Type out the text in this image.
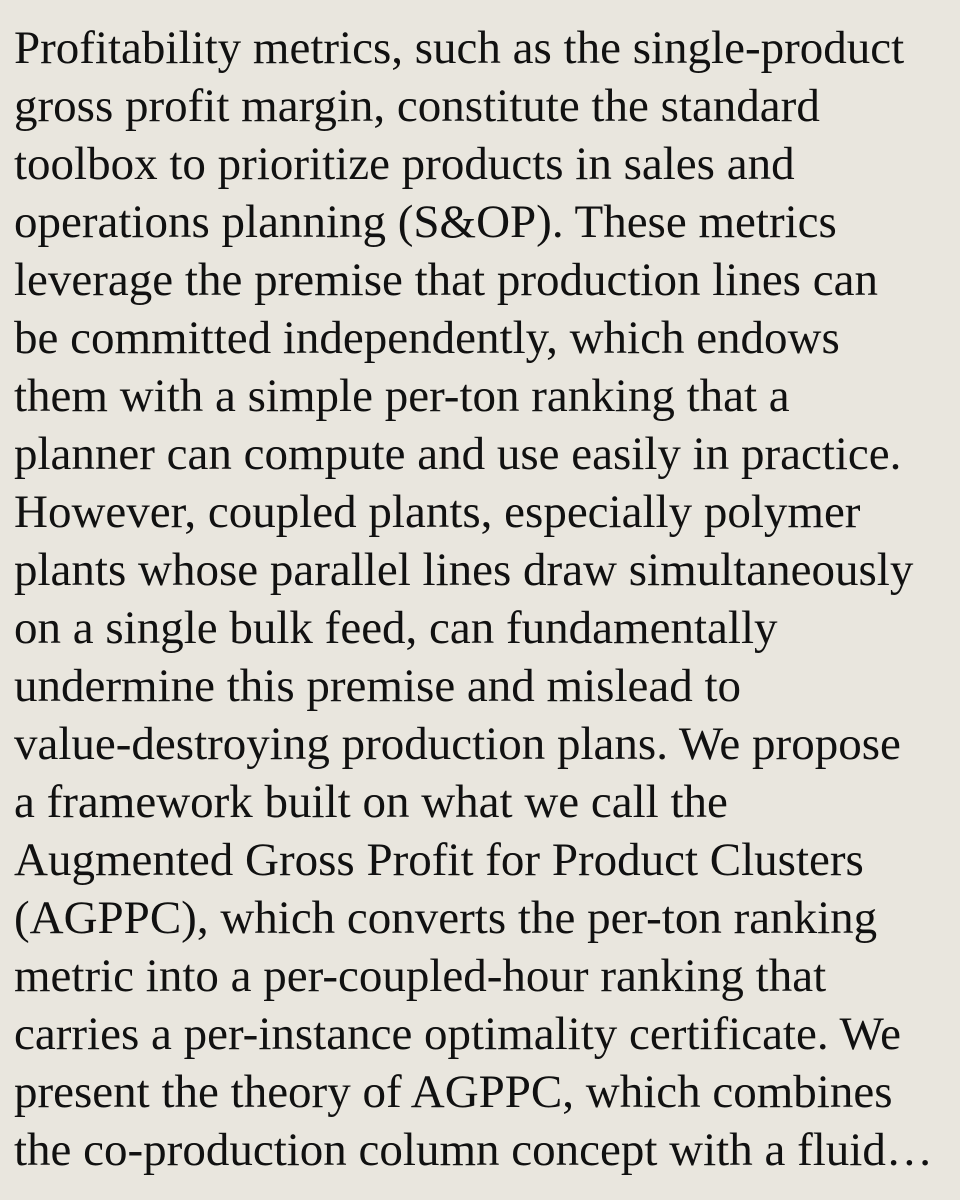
Profitability metrics, such as the single-product
gross profit margin, constitute the standard
toolbox to prioritize products in sales and
operations planning (S&OP). These metrics
leverage the premise that production lines can
be committed independently, which endows
them with a simple per-ton ranking that a
planner can compute and use easily in practice.
However, coupled plants, especially polymer
plants whose parallel lines draw simultaneously
on a single bulk feed, can fundamentally
undermine this premise and mislead to
value-destroying production plans. We propose
a framework built on what we call the
Augmented Gross Profit for Product Clusters
(AGPPC), which converts the per-ton ranking
metric into a per-coupled-hour ranking that
carries a per-instance optimality certificate. We
present the theory of AGPPC, which combines
the co-production column concept with a fluid…
